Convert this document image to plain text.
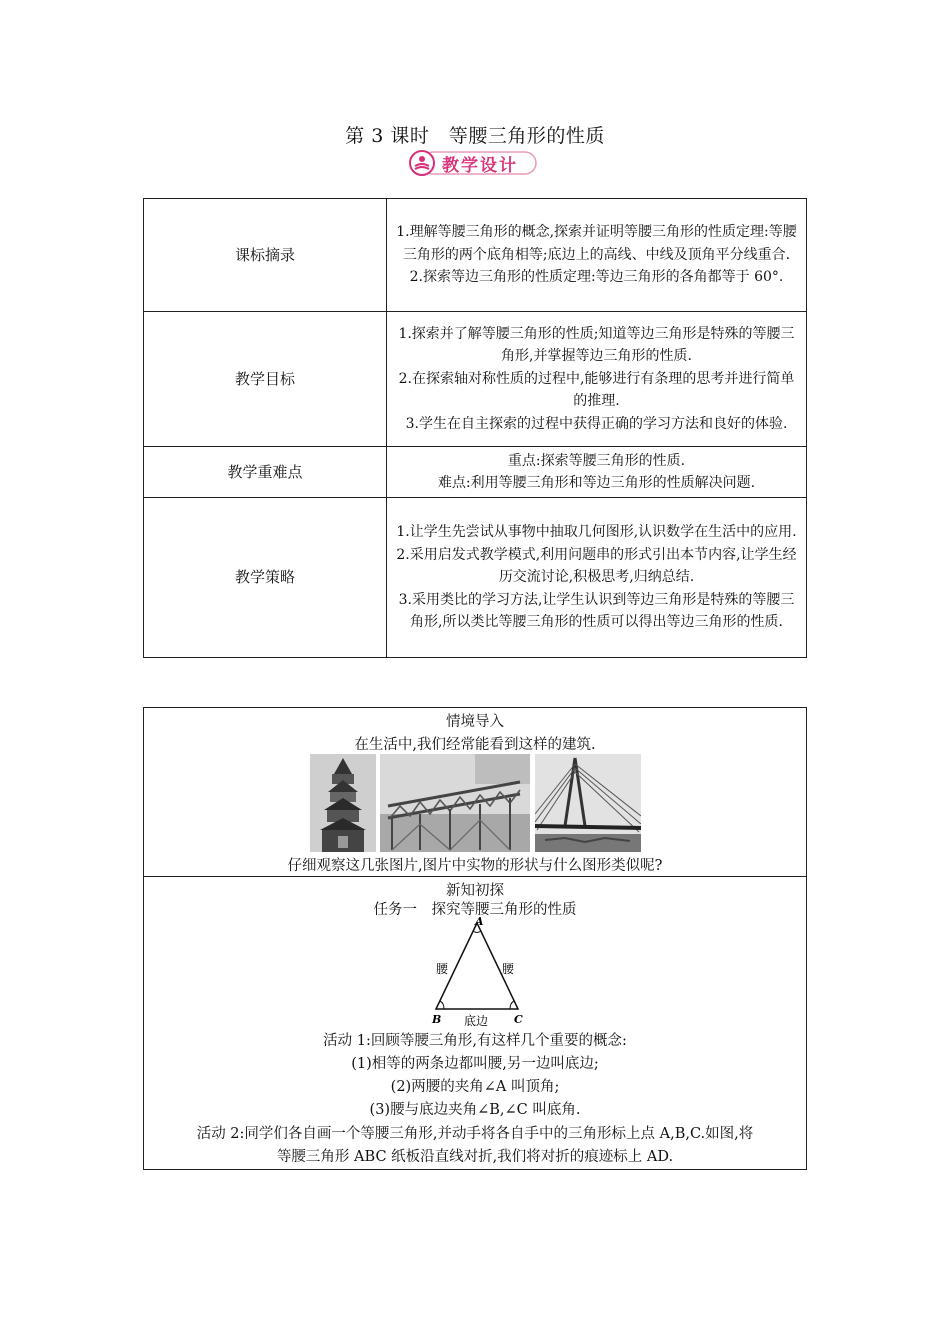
第 3 课时　等腰三角形的性质
教学设计
课标摘录	1.理解等腰三角形的概念,探索并证明等腰三角形的性质定理:等腰三角形的两个底角相等;底边上的高线、中线及顶角平分线重合.

2.探索等边三角形的性质定理:等边三角形的各角都等于 60°.

教学目标	1.探索并了解等腰三角形的性质;知道等边三角形是特殊的等腰三角形,并掌握等边三角形的性质.

2.在探索轴对称性质的过程中,能够进行有条理的思考并进行简单的推理.

3.学生在自主探索的过程中获得正确的学习方法和良好的体验.

教学重难点	重点:探索等腰三角形的性质.

难点:利用等腰三角形和等边三角形的性质解决问题.

教学策略	1.让学生先尝试从事物中抽取几何图形,认识数学在生活中的应用.

2.采用启发式教学模式,利用问题串的形式引出本节内容,让学生经历交流讨论,积极思考,归纳总结.

3.采用类比的学习方法,让学生认识到等边三角形是特殊的等腰三角形,所以类比等腰三角形的性质可以得出等边三角形的性质.

情境导入
在生活中,我们经常能看到这样的建筑.
仔细观察这几张图片,图片中实物的形状与什么图形类似呢?
新知初探
任务一　探究等腰三角形的性质
A
B	C
腰	腰
底边
活动 1:回顾等腰三角形,有这样几个重要的概念:
(1)相等的两条边都叫腰,另一边叫底边;
(2)两腰的夹角∠A 叫顶角;
(3)腰与底边夹角∠B,∠C 叫底角.
活动 2:同学们各自画一个等腰三角形,并动手将各自手中的三角形标上点 A,B,C.如图,将
等腰三角形 ABC 纸板沿直线对折,我们将对折的痕迹标上 AD.
